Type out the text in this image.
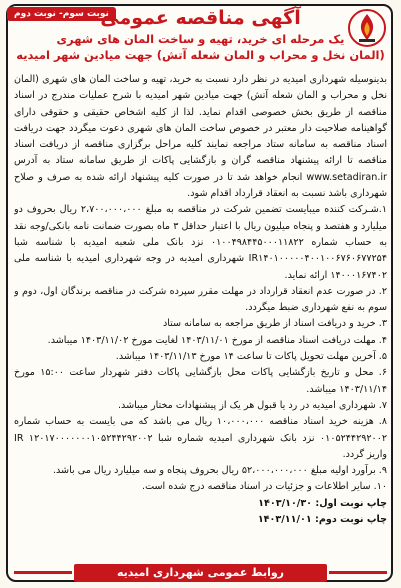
نوبت سوم- نوبت دوم
آگهی مناقصه عمومی
یک مرحله ای خرید، تهیه و ساخت المان های شهری
(المان نخل و محراب و المان شعله آتش) جهت میادین شهر امیدیه

بدینوسیله شهرداری امیدیه در نظر دارد نسبت به خرید، تهیه و ساخت المان های شهری (المان نخل و محراب و المان شعله آتش) جهت میادین شهر امیدیه با شرح عملیات مندرج در اسناد مناقصه از طریق بخش خصوصی اقدام نماید. لذا از کلیه اشخاص حقیقی و حقوقی دارای گواهینامه صلاحیت دار معتبر در خصوص ساخت المان های شهری دعوت میگردد جهت دریافت اسناد مناقصه به سامانه ستاد مراجعه نمایند کلیه مراحل برگزاری مناقصه از دریافت اسناد مناقصه تا ارائه پیشنهاد مناقصه گران و بازگشایی پاکات از طریق سامانه ستاد به آدرس www.setadiran.ir انجام خواهد شد تا در صورت کلیه پیشنهاد ارائه شده به صرف و صلاح شهرداری باشد نسبت به انعقاد قرارداد اقدام شود.

۱.شـرکت کننده میبایست تضمین شرکت در مناقصه به مبلغ ۲،۷۰۰،۰۰۰،۰۰۰ ریال بحروف دو میلیارد و هفتصد و پنجاه میلیون ریال با اعتبار حداقل ۳ ماه بصورت ضمانت نامه بانکی/وجه نقد به حساب شماره ۰۱۰۰۴۹۸۴۴۵۰۰۰۱۱۸۲۲ نزد بانک ملی شعبه امیدیه با شناسه شبا IR۱۴۰۱۰۰۰۰۰۴۰۰۱۰۰۶۷۶۰۶۷۷۲۵۴ شهرداری امیدیه در وجه شهرداری امیدیه با شناسه ملی ۱۴۰۰۰۱۶۷۴۰۲ ارائه نماید.

۲. در صورت عدم انعقاد قرارداد در مهلت مقرر سپرده شرکت در مناقصه برندگان اول، دوم و سوم به نفع شهرداری ضبط میگردد.

۳. خرید و دریافت اسناد از طریق مراجعه به سامانه ستاد

۴. مهلت دریافت اسناد مناقصه از مورخ ۱۴۰۳/۱۱/۰۱ لغایت مورخ ۱۴۰۳/۱۱/۰۲ میباشد.

۵. آخرین مهلت تحویل پاکات تا ساعت ۱۴ مورخ ۱۴۰۳/۱۱/۱۳ میباشد.

۶. محل و تاریخ بازگشایی پاکات محل بازگشایی پاکات دفتر شهردار ساعت ۱۵:۰۰ مورخ ۱۴۰۳/۱۱/۱۴ میباشد.

۷. شهرداری امیدیه در رد یا قبول هر یک از پیشنهادات مختار میباشد.

۸. هزینه خرید اسناد مناقصه ۱۰،۰۰۰،۰۰۰ ریال می باشد که می بایست به حساب شماره ۰۱۰۵۲۴۴۲۹۲۰۰۲ نزد بانک شهرداری امیدیه شماره شبا IR ۱۲۰۱۷۰۰۰۰۰۰۰۱۰۵۲۴۴۲۹۲۰۰۲ واریز گردد.

۹. برآورد اولیه مبلغ ۵۲،۰۰۰،۰۰۰،۰۰۰ ریال بحروف پنجاه و سه میلیارد ریال می باشد.

۱۰. سایر اطلاعات و جزئیات در اسناد مناقصه درج شده است.

چاپ نوبت اول: ۱۴۰۳/۱۰/۳۰

چاپ نوبت دوم: ۱۴۰۳/۱۱/۰۱

روابط عمومی شهرداری امیدیه
